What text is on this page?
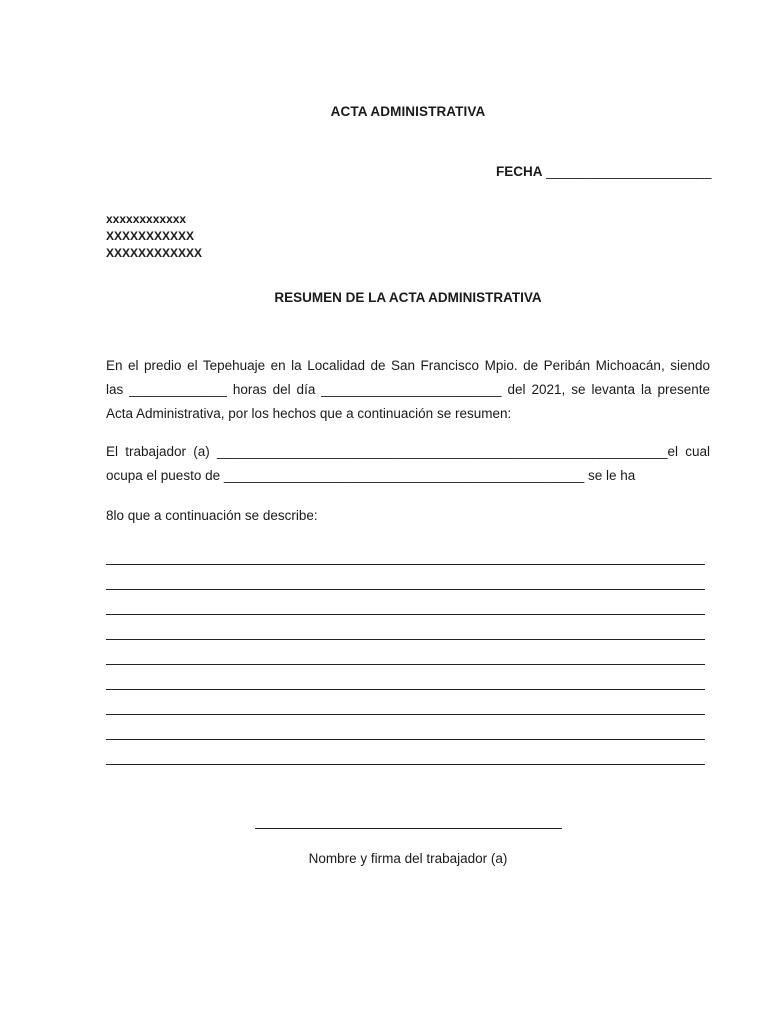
ACTA ADMINISTRATIVA
FECHA ______________________
xxxxxxxxxxxx
XXXXXXXXXXX
XXXXXXXXXXXX
RESUMEN DE LA ACTA ADMINISTRATIVA
En el predio el Tepehuaje en la Localidad de San Francisco Mpio. de Peribán Michoacán, siendo
las _____________ horas del día ________________________ del 2021, se levanta la presente
Acta Administrativa, por los hechos que a continuación se resumen:
El trabajador (a) ____________________________________________________________el cual
ocupa el puesto de ________________________________________________ se le ha
8lo que a continuación se describe:
Nombre y firma del trabajador (a)
